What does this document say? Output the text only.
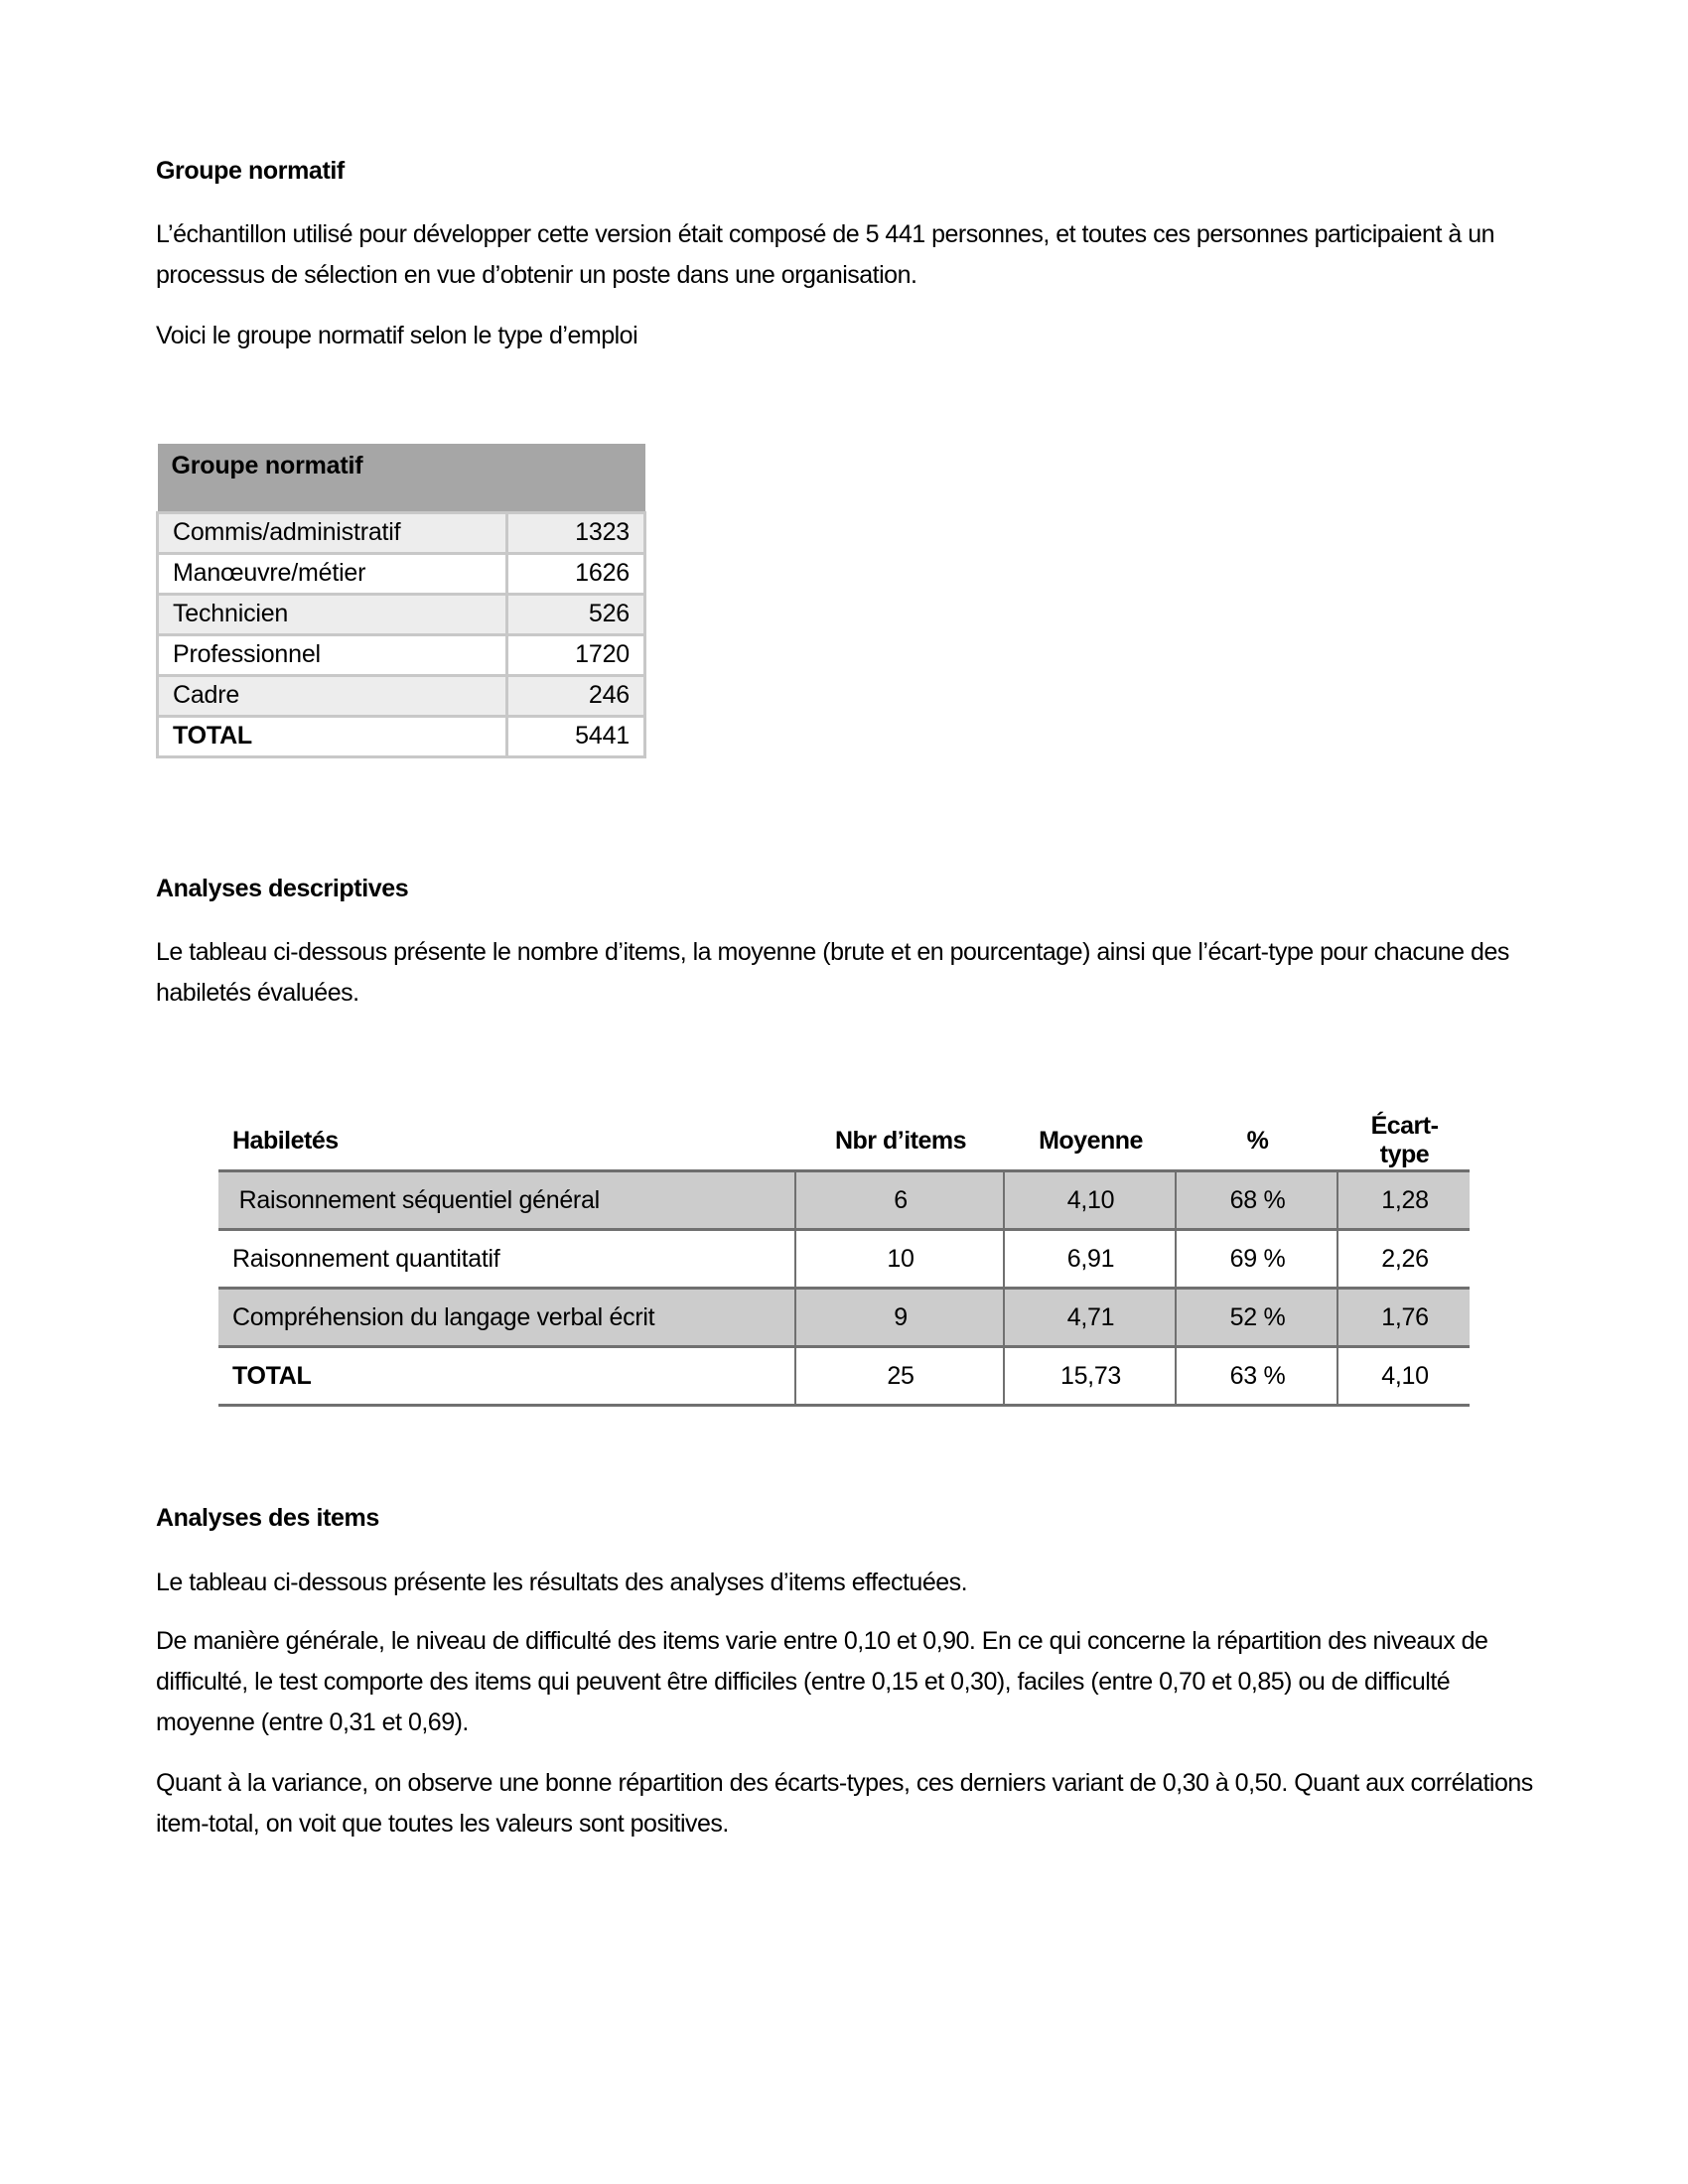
Groupe normatif

L’échantillon utilisé pour développer cette version était composé de 5 441 personnes, et toutes ces personnes participaient à un processus de sélection en vue d’obtenir un poste dans une organisation.

Voici le groupe normatif selon le type d’emploi

Groupe normatif	
Commis/administratif	1323
Manœuvre/métier	1626
Technicien	526
Professionnel	1720
Cadre	246
TOTAL	5441
Analyses descriptives

Le tableau ci-dessous présente le nombre d’items, la moyenne (brute et en pourcentage) ainsi que l’écart-type pour chacune des habiletés évaluées.

Habiletés	Nbr d’items	Moyenne	%	Écart-type
Raisonnement séquentiel général	6	4,10	68 %	1,28
Raisonnement quantitatif	10	6,91	69 %	2,26
Compréhension du langage verbal écrit	9	4,71	52 %	1,76
TOTAL	25	15,73	63 %	4,10
Analyses des items

Le tableau ci-dessous présente les résultats des analyses d’items effectuées.

De manière générale, le niveau de difficulté des items varie entre 0,10 et 0,90. En ce qui concerne la répartition des niveaux de difficulté, le test comporte des items qui peuvent être difficiles (entre 0,15 et 0,30), faciles (entre 0,70 et 0,85) ou de difficulté moyenne (entre 0,31 et 0,69).

Quant à la variance, on observe une bonne répartition des écarts-types, ces derniers variant de 0,30 à 0,50. Quant aux corrélations item-total, on voit que toutes les valeurs sont positives.
